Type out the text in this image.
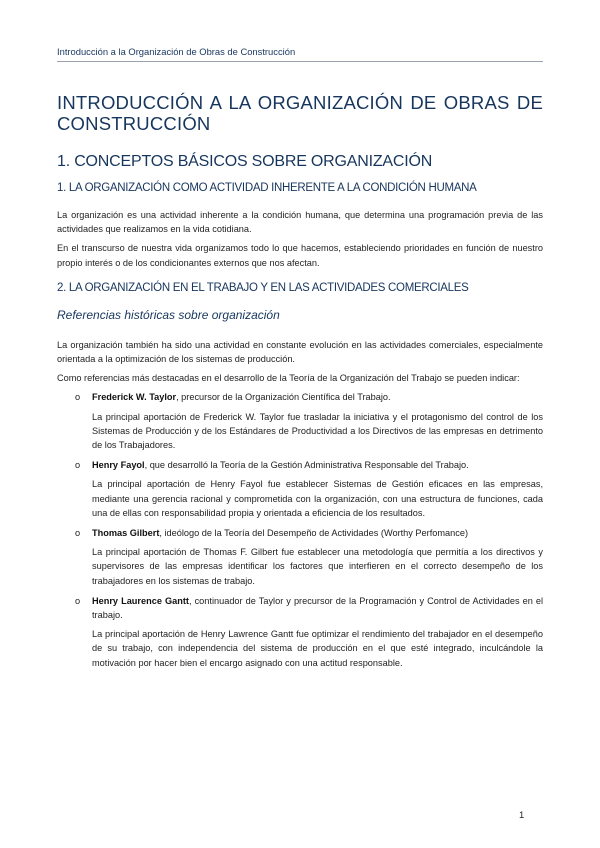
Introducción a la Organización de Obras de Construcción
INTRODUCCIÓN A LA ORGANIZACIÓN DE OBRAS DE
CONSTRUCCIÓN
1. CONCEPTOS BÁSICOS SOBRE ORGANIZACIÓN
1. LA ORGANIZACIÓN COMO ACTIVIDAD INHERENTE A LA CONDICIÓN HUMANA

La organización es una actividad inherente a la condición humana, que determina una programación previa de las actividades que realizamos en la vida cotidiana.

En el transcurso de nuestra vida organizamos todo lo que hacemos, estableciendo prioridades en función de nuestro propio interés o de los condicionantes externos que nos afectan.

2. LA ORGANIZACIÓN EN EL TRABAJO Y EN LAS ACTIVIDADES COMERCIALES
Referencias históricas sobre organización

La organización también ha sido una actividad en constante evolución en las actividades comerciales, especialmente orientada a la optimización de los sistemas de producción.

Como referencias más destacadas en el desarrollo de la Teoría de la Organización del Trabajo se pueden indicar:

o Frederick W. Taylor, precursor de la Organización Científica del Trabajo.

La principal aportación de Frederick W. Taylor fue trasladar la iniciativa y el protagonismo del control de los Sistemas de Producción y de los Estándares de Productividad a los Directivos de las empresas en detrimento de los Trabajadores.

o Henry Fayol, que desarrolló la Teoría de la Gestión Administrativa Responsable del Trabajo.

La principal aportación de Henry Fayol fue establecer Sistemas de Gestión eficaces en las empresas, mediante una gerencia racional y comprometida con la organización, con una estructura de funciones, cada una de ellas con responsabilidad propia y orientada a eficiencia de los resultados.

o Thomas Gilbert, ideólogo de la Teoría del Desempeño de Actividades (Worthy Perfomance)

La principal aportación de Thomas F. Gilbert fue establecer una metodología que permitía a los directivos y supervisores de las empresas identificar los factores que interfieren en el correcto desempeño de los trabajadores en los sistemas de trabajo.

o Henry Laurence Gantt, continuador de Taylor y precursor de la Programación y Control de Actividades en el trabajo.

La principal aportación de Henry Lawrence Gantt fue optimizar el rendimiento del trabajador en el desempeño de su trabajo, con independencia del sistema de producción en el que esté integrado, inculcándole la motivación por hacer bien el encargo asignado con una actitud responsable.

1
